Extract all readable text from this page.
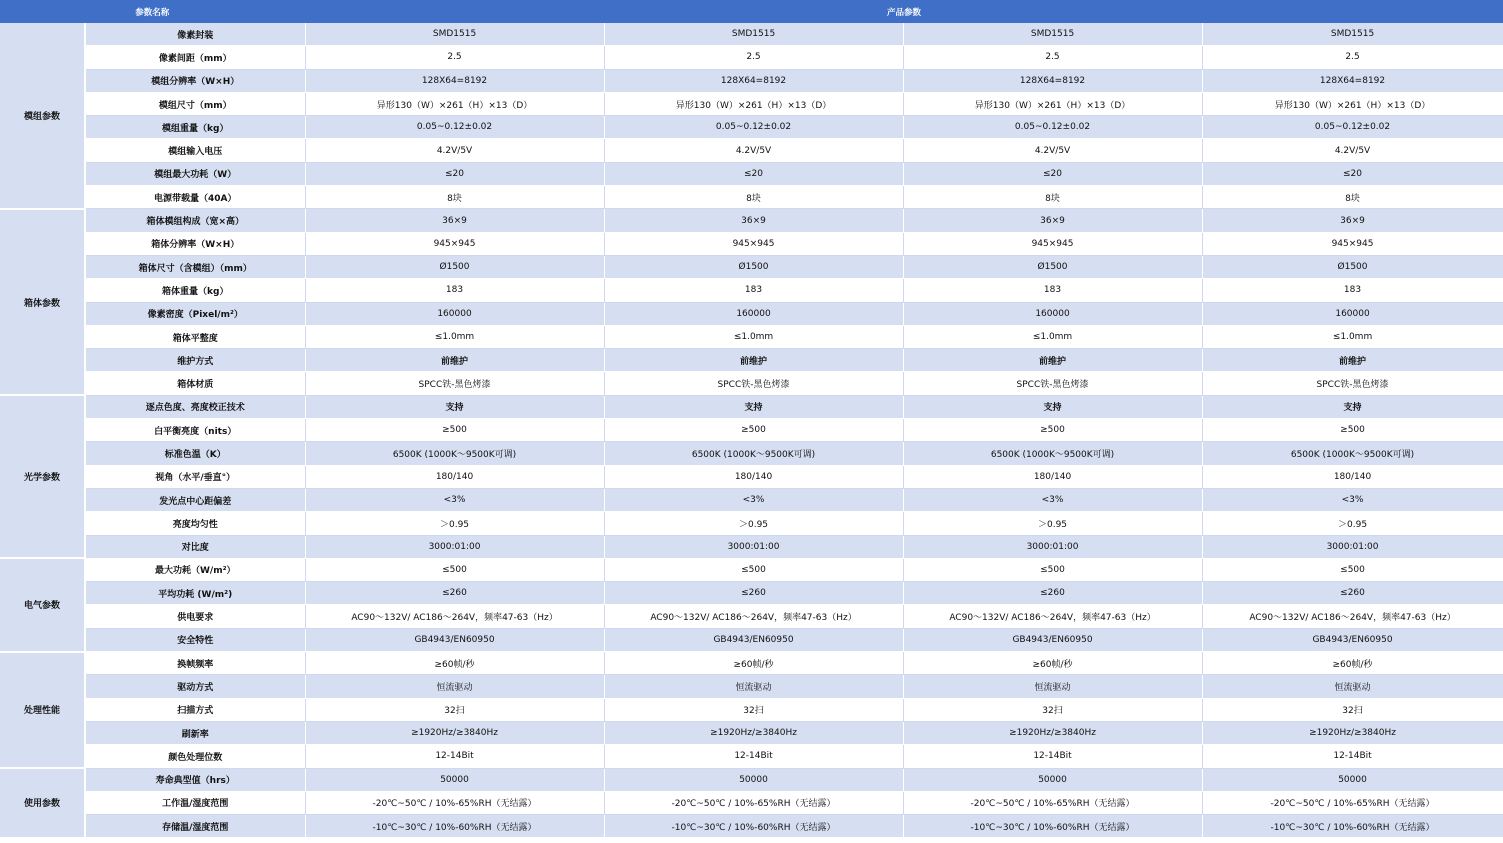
参数名称		产品参数			
模组参数	像素封装	SMD1515	SMD1515	SMD1515	SMD1515
	像素间距（mm）	2.5	2.5	2.5	2.5
	模组分辨率（W×H）	128X64=8192	128X64=8192	128X64=8192	128X64=8192
	模组尺寸（mm）	异形130（W）×261（H）×13（D）	异形130（W）×261（H）×13（D）	异形130（W）×261（H）×13（D）	异形130（W）×261（H）×13（D）
	模组重量（kg）	0.05~0.12±0.02	0.05~0.12±0.02	0.05~0.12±0.02	0.05~0.12±0.02
	模组输入电压	4.2V/5V	4.2V/5V	4.2V/5V	4.2V/5V
	模组最大功耗（W）	≤20	≤20	≤20	≤20
	电源带载量（40A）	8块	8块	8块	8块
箱体参数	箱体模组构成（宽×高）	36×9	36×9	36×9	36×9
	箱体分辨率（W×H）	945×945	945×945	945×945	945×945
	箱体尺寸（含模组）（mm）	Ø1500	Ø1500	Ø1500	Ø1500
	箱体重量（kg）	183	183	183	183
	像素密度（Pixel/m²）	160000	160000	160000	160000
	箱体平整度	≤1.0mm	≤1.0mm	≤1.0mm	≤1.0mm
	维护方式	前维护	前维护	前维护	前维护
	箱体材质	SPCC铁-黑色烤漆	SPCC铁-黑色烤漆	SPCC铁-黑色烤漆	SPCC铁-黑色烤漆
光学参数	逐点色度、亮度校正技术	支持	支持	支持	支持
	白平衡亮度（nits）	≥500	≥500	≥500	≥500
	标准色温（K）	6500K (1000K～9500K可调)	6500K (1000K～9500K可调)	6500K (1000K～9500K可调)	6500K (1000K～9500K可调)
	视角（水平/垂直°）	180/140	180/140	180/140	180/140
	发光点中心距偏差	<3%	<3%	<3%	<3%
	亮度均匀性	＞0.95	＞0.95	＞0.95	＞0.95
	对比度	3000:01:00	3000:01:00	3000:01:00	3000:01:00
电气参数	最大功耗（W/m²）	≤500	≤500	≤500	≤500
	平均功耗 (W/m²)	≤260	≤260	≤260	≤260
	供电要求	AC90～132V/ AC186～264V，频率47-63（Hz）	AC90～132V/ AC186～264V，频率47-63（Hz）	AC90～132V/ AC186～264V，频率47-63（Hz）	AC90～132V/ AC186～264V，频率47-63（Hz）
	安全特性	GB4943/EN60950	GB4943/EN60950	GB4943/EN60950	GB4943/EN60950
处理性能	换帧频率	≥60帧/秒	≥60帧/秒	≥60帧/秒	≥60帧/秒
	驱动方式	恒流驱动	恒流驱动	恒流驱动	恒流驱动
	扫描方式	32扫	32扫	32扫	32扫
	刷新率	≥1920Hz/≥3840Hz	≥1920Hz/≥3840Hz	≥1920Hz/≥3840Hz	≥1920Hz/≥3840Hz
	颜色处理位数	12-14Bit	12-14Bit	12-14Bit	12-14Bit
使用参数	寿命典型值（hrs）	50000	50000	50000	50000
	工作温/湿度范围	-20℃~50℃ / 10%-65%RH（无结露）	-20℃~50℃ / 10%-65%RH（无结露）	-20℃~50℃ / 10%-65%RH（无结露）	-20℃~50℃ / 10%-65%RH（无结露）
	存储温/湿度范围	-10℃~30℃ / 10%-60%RH（无结露）	-10℃~30℃ / 10%-60%RH（无结露）	-10℃~30℃ / 10%-60%RH（无结露）	-10℃~30℃ / 10%-60%RH（无结露）
